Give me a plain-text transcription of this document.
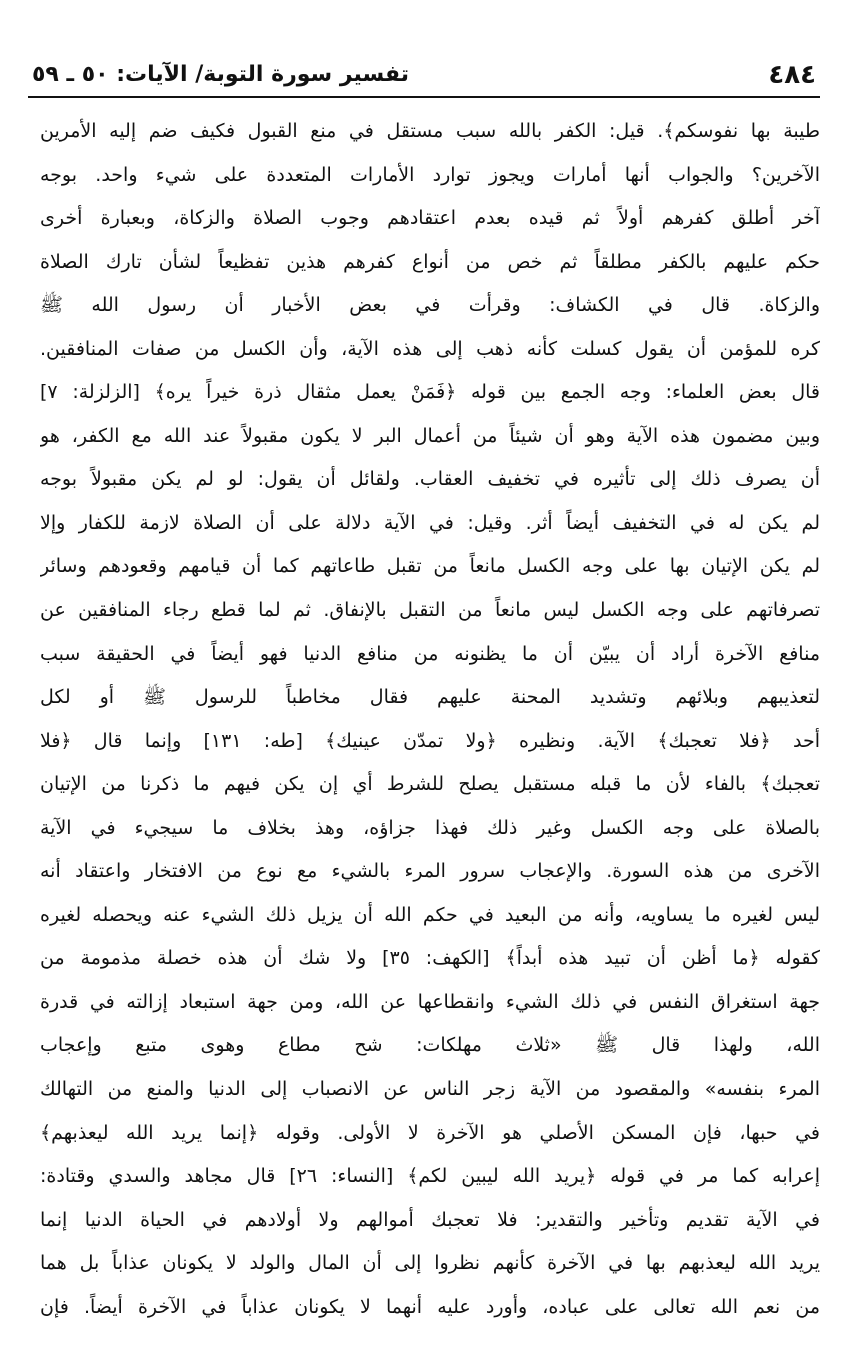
٤٨٤
تفسير سورة التوبة/ الآيات: ٥٠ ـ ٥٩
طيبة بها نفوسكم﴾. قيل: الكفر بالله سبب مستقل في منع القبول فكيف ضم إليه الأمرين
الآخرين؟ والجواب أنها أمارات ويجوز توارد الأمارات المتعددة على شيء واحد. بوجه
آخر أطلق كفرهم أولاً ثم قيده بعدم اعتقادهم وجوب الصلاة والزكاة، وبعبارة أخرى
حكم عليهم بالكفر مطلقاً ثم خص من أنواع كفرهم هذين تفظيعاً لشأن تارك الصلاة
والزكاة. قال في الكشاف: وقرأت في بعض الأخبار أن رسول الله ﷺ
كره للمؤمن أن يقول كسلت كأنه ذهب إلى هذه الآية، وأن الكسل من صفات المنافقين.
قال بعض العلماء: وجه الجمع بين قوله ﴿فَمَنْ يعمل مثقال ذرة خيراً يره﴾ [الزلزلة: ٧]
وبين مضمون هذه الآية وهو أن شيئاً من أعمال البر لا يكون مقبولاً عند الله مع الكفر، هو
أن يصرف ذلك إلى تأثيره في تخفيف العقاب. ولقائل أن يقول: لو لم يكن مقبولاً بوجه
لم يكن له في التخفيف أيضاً أثر. وقيل: في الآية دلالة على أن الصلاة لازمة للكفار وإلا
لم يكن الإتيان بها على وجه الكسل مانعاً من تقبل طاعاتهم كما أن قيامهم وقعودهم وسائر
تصرفاتهم على وجه الكسل ليس مانعاً من التقبل بالإنفاق. ثم لما قطع رجاء المنافقين عن
منافع الآخرة أراد أن يبيّن أن ما يظنونه من منافع الدنيا فهو أيضاً في الحقيقة سبب
لتعذيبهم وبلائهم وتشديد المحنة عليهم فقال مخاطباً للرسول ﷺ أو لكل
أحد ﴿فلا تعجبك﴾ الآية. ونظيره ﴿ولا تمدّن عينيك﴾ [طه: ١٣١] وإنما قال ﴿فلا
تعجبك﴾ بالفاء لأن ما قبله مستقبل يصلح للشرط أي إن يكن فيهم ما ذكرنا من الإتيان
بالصلاة على وجه الكسل وغير ذلك فهذا جزاؤه، وهذ بخلاف ما سيجيء في الآية
الآخرى من هذه السورة. والإعجاب سرور المرء بالشيء مع نوع من الافتخار واعتقاد أنه
ليس لغيره ما يساويه، وأنه من البعيد في حكم الله أن يزيل ذلك الشيء عنه ويحصله لغيره
كقوله ﴿ما أظن أن تبيد هذه أبداً﴾ [الكهف: ٣٥] ولا شك أن هذه خصلة مذمومة من
جهة استغراق النفس في ذلك الشيء وانقطاعها عن الله، ومن جهة استبعاد إزالته في قدرة
الله، ولهذا قال ﷺ «ثلاث مهلكات: شح مطاع وهوى متبع وإعجاب
المرء بنفسه» والمقصود من الآية زجر الناس عن الانصباب إلى الدنيا والمنع من التهالك
في حبها، فإن المسكن الأصلي هو الآخرة لا الأولى. وقوله ﴿إنما يريد الله ليعذبهم﴾
إعرابه كما مر في قوله ﴿يريد الله ليبين لكم﴾ [النساء: ٢٦] قال مجاهد والسدي وقتادة:
في الآية تقديم وتأخير والتقدير: فلا تعجبك أموالهم ولا أولادهم في الحياة الدنيا إنما
يريد الله ليعذبهم بها في الآخرة كأنهم نظروا إلى أن المال والولد لا يكونان عذاباً بل هما
من نعم الله تعالى على عباده، وأورد عليه أنهما لا يكونان عذاباً في الآخرة أيضاً. فإن
